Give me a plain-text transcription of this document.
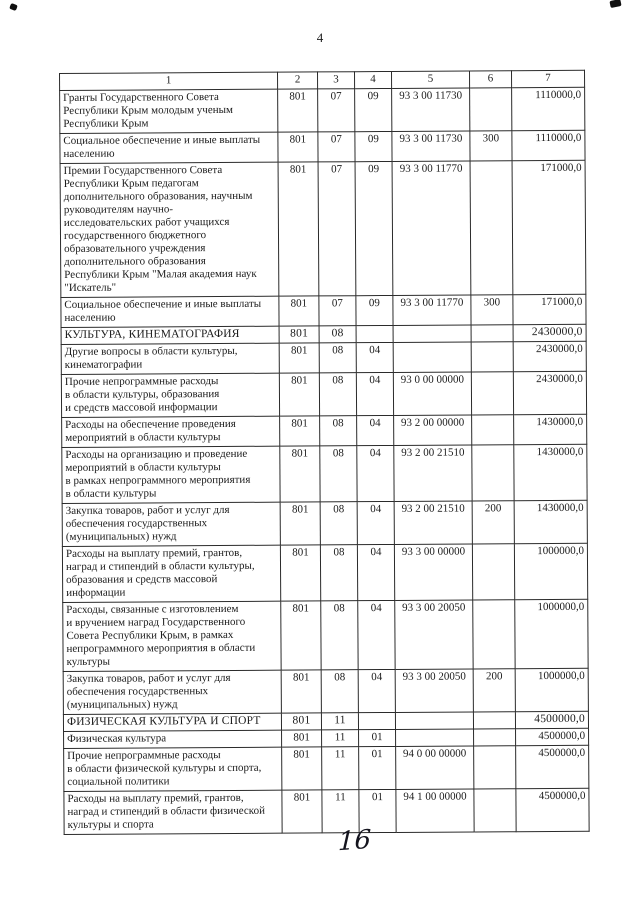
4
1	2	3	4	5	6	7
Гранты Государственного Совета
Республики Крым молодым ученым
Республики Крым	801	07	09	93 3 00 11730		1110000,0
Социальное обеспечение и иные выплаты
населению	801	07	09	93 3 00 11730	300	1110000,0
Премии Государственного Совета
Республики Крым педагогам
дополнительного образования, научным
руководителям научно-
исследовательских работ учащихся
государственного бюджетного
образовательного учреждения
дополнительного образования
Республики Крым "Малая академия наук
"Искатель"	801	07	09	93 3 00 11770		171000,0
Социальное обеспечение и иные выплаты
населению	801	07	09	93 3 00 11770	300	171000,0
КУЛЬТУРА, КИНЕМАТОГРАФИЯ	801	08				2430000,0
Другие вопросы в области культуры,
кинематографии	801	08	04			2430000,0
Прочие непрограммные расходы
в области культуры, образования
и средств массовой информации	801	08	04	93 0 00 00000		2430000,0
Расходы на обеспечение проведения
мероприятий в области культуры	801	08	04	93 2 00 00000		1430000,0
Расходы на организацию и проведение
мероприятий в области культуры
в рамках непрограммного мероприятия
в области культуры	801	08	04	93 2 00 21510		1430000,0
Закупка товаров, работ и услуг для
обеспечения государственных
(муниципальных) нужд	801	08	04	93 2 00 21510	200	1430000,0
Расходы на выплату премий, грантов,
наград и стипендий в области культуры,
образования и средств массовой
информации	801	08	04	93 3 00 00000		1000000,0
Расходы, связанные с изготовлением
и вручением наград Государственного
Совета Республики Крым, в рамках
непрограммного мероприятия в области
культуры	801	08	04	93 3 00 20050		1000000,0
Закупка товаров, работ и услуг для
обеспечения государственных
(муниципальных) нужд	801	08	04	93 3 00 20050	200	1000000,0
ФИЗИЧЕСКАЯ КУЛЬТУРА И СПОРТ	801	11				4500000,0
Физическая культура	801	11	01			4500000,0
Прочие непрограммные расходы
в области физической культуры и спорта,
социальной политики	801	11	01	94 0 00 00000		4500000,0
Расходы на выплату премий, грантов,
наград и стипендий в области физической
культуры и спорта	801	11	01	94 1 00 00000		4500000,0
16
